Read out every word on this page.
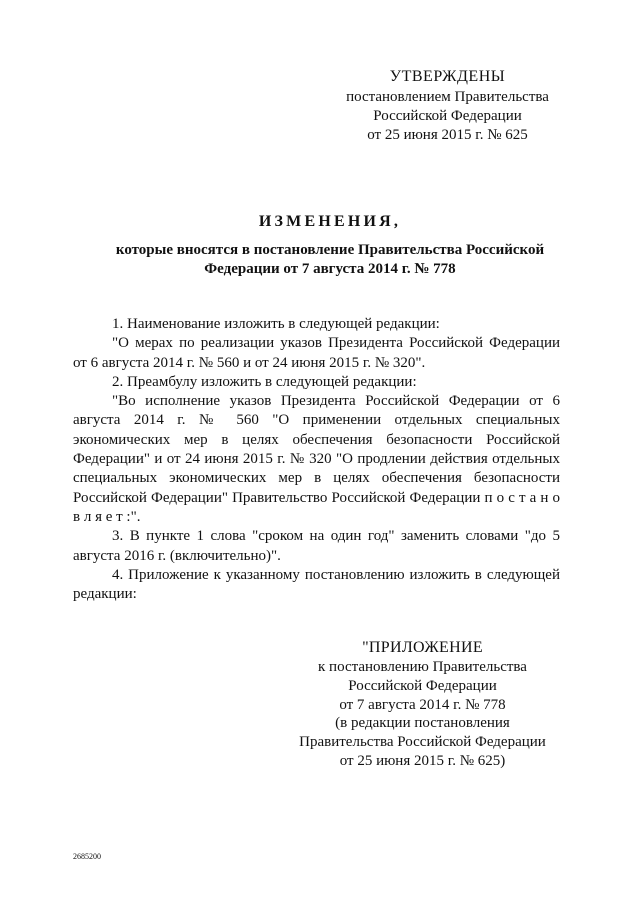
УТВЕРЖДЕНЫ
постановлением Правительства
Российской Федерации
от 25 июня 2015 г. № 625
ИЗМЕНЕНИЯ,
которые вносятся в постановление Правительства Российской
Федерации от 7 августа 2014 г. № 778

1. Наименование изложить в следующей редакции:

"О мерах по реализации указов Президента Российской Федерации от 6 августа 2014 г. № 560 и от 24 июня 2015 г. № 320".

2. Преамбулу изложить в следующей редакции:

"Во исполнение указов Президента Российской Федерации от 6 августа 2014 г. № 560 "О применении отдельных специальных экономических мер в целях обеспечения безопасности Российской Федерации" и от 24 июня 2015 г. № 320 "О продлении действия отдельных специальных экономических мер в целях обеспечения безопасности Российской Федерации" Правительство Российской Федерации п о с т а н о в л я е т :".

3. В пункте 1 слова "сроком на один год" заменить словами "до 5 августа 2016 г. (включительно)".

4. Приложение к указанному постановлению изложить в следующей редакции:

"ПРИЛОЖЕНИЕ
к постановлению Правительства
Российской Федерации
от 7 августа 2014 г. № 778
(в редакции постановления
Правительства Российской Федерации
от 25 июня 2015 г. № 625)
2685200
